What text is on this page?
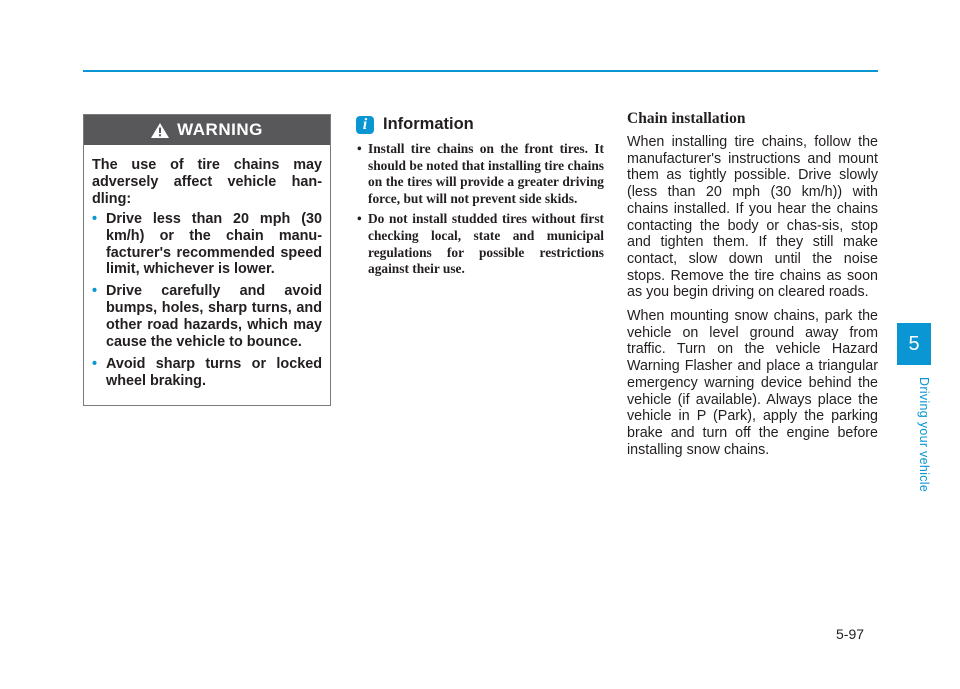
WARNING

The use of tire chains may adversely affect vehicle han-dling:

• Drive less than 20 mph (30 km/h) or the chain manu-facturer's recommended speed limit, whichever is lower.
• Drive carefully and avoid bumps, holes, sharp turns, and other road hazards, which may cause the vehicle to bounce.
• Avoid sharp turns or locked wheel braking.
i Information
• Install tire chains on the front tires. It should be noted that installing tire chains on the tires will provide a greater driving force, but will not prevent side skids.
• Do not install studded tires without first checking local, state and municipal regulations for possible restrictions against their use.
Chain installation

When installing tire chains, follow the manufacturer's instructions and mount them as tightly possible. Drive slowly (less than 20 mph (30 km/h)) with chains installed. If you hear the chains contacting the body or chas-sis, stop and tighten them. If they still make contact, slow down until the noise stops. Remove the tire chains as soon as you begin driving on cleared roads.

When mounting snow chains, park the vehicle on level ground away from traffic. Turn on the vehicle Hazard Warning Flasher and place a triangular emergency warning device behind the vehicle (if available). Always place the vehicle in P (Park), apply the parking brake and turn off the engine before installing snow chains.

5
Driving your vehicle
5-97
